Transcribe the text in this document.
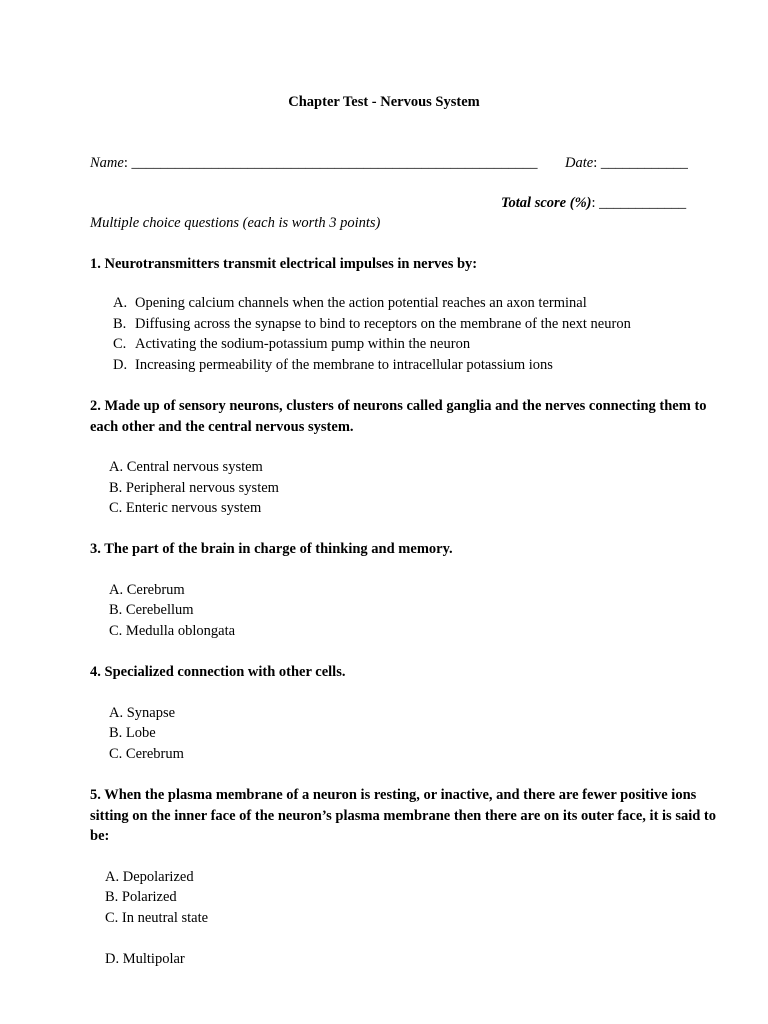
Chapter Test - Nervous System
Name: ________________________________________________________ Date: ____________
Total score (%): ____________
Multiple choice questions (each is worth 3 points)
1. Neurotransmitters transmit electrical impulses in nerves by:
A. Opening calcium channels when the action potential reaches an axon terminal
B. Diffusing across the synapse to bind to receptors on the membrane of the next neuron
C. Activating the sodium-potassium pump within the neuron
D. Increasing permeability of the membrane to intracellular potassium ions
2. Made up of sensory neurons, clusters of neurons called ganglia and the nerves connecting them to each other and the central nervous system.
A. Central nervous system
B. Peripheral nervous system
C. Enteric nervous system
3. The part of the brain in charge of thinking and memory.
A. Cerebrum
B. Cerebellum
C. Medulla oblongata
4. Specialized connection with other cells.
A. Synapse
B. Lobe
C. Cerebrum
5. When the plasma membrane of a neuron is resting, or inactive, and there are fewer positive ions sitting on the inner face of the neuron’s plasma membrane then there are on its outer face, it is said to be:
A. Depolarized
B. Polarized
C. In neutral state
D. Multipolar
